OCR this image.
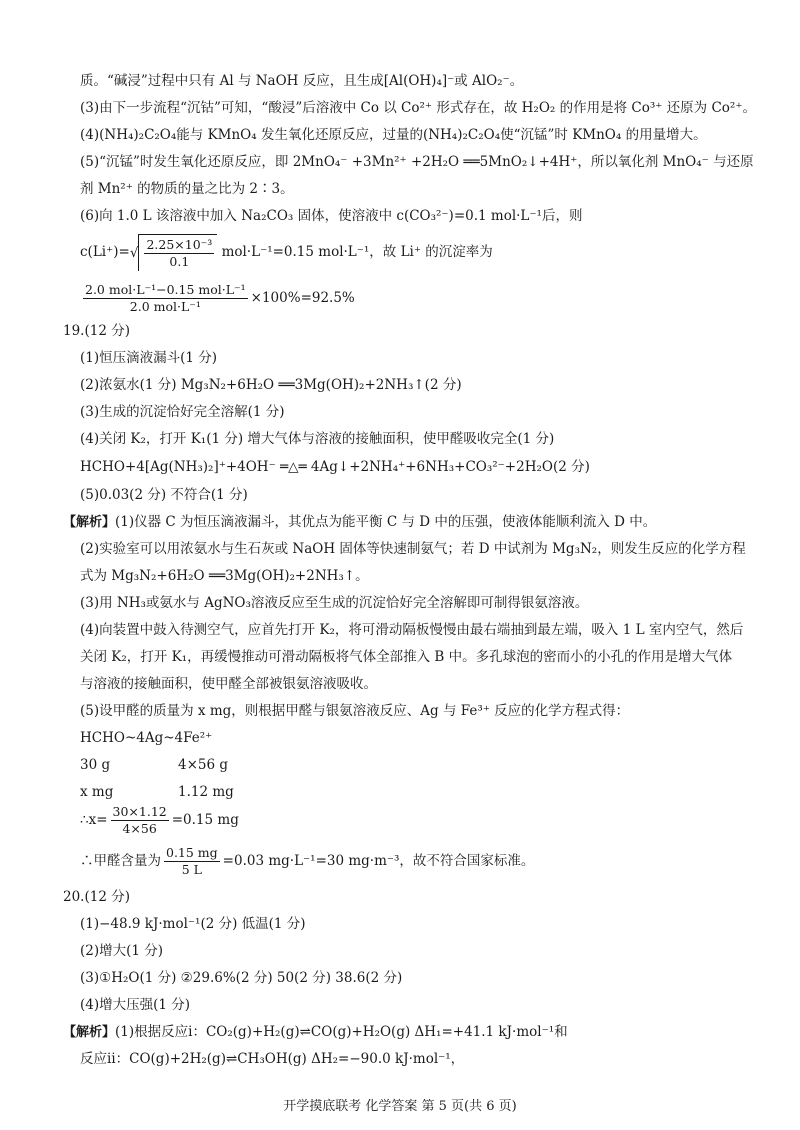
质。“碱浸”过程中只有 Al 与 NaOH 反应，且生成[Al(OH)₄]⁻或 AlO₂⁻。
(3)由下一步流程“沉钴”可知，“酸浸”后溶液中 Co 以 Co²⁺ 形式存在，故 H₂O₂ 的作用是将 Co³⁺ 还原为 Co²⁺。
(4)(NH₄)₂C₂O₄能与 KMnO₄ 发生氧化还原反应，过量的(NH₄)₂C₂O₄使“沉锰”时 KMnO₄ 的用量增大。
(5)“沉锰”时发生氧化还原反应，即 2MnO₄⁻ +3Mn²⁺ +2H₂O ══5MnO₂↓+4H⁺，所以氧化剂 MnO₄⁻ 与还原
剂 Mn²⁺ 的物质的量之比为 2∶3。
(6)向 1.0 L 该溶液中加入 Na₂CO₃ 固体，使溶液中 c(CO₃²⁻)=0.1 mol·L⁻¹后，则
$c(Li^+)=√ \frac{\text{2.25×10⁻³}}{0.1} mol\cdot L^{-1}=0.15$ mol·L⁻¹，故 Li⁺ 的沉淀率为
$\frac{\text{2.0 mol·L⁻¹−0.15 mol·L⁻¹}}{\text{2.0 mol·L⁻¹}} \times 100\%=92.5\%$
19.(12 分)
(1)恒压滴液漏斗(1 分)
(2)浓氨水(1 分) Mg₃N₂+6H₂O ══3Mg(OH)₂+2NH₃↑(2 分)
(3)生成的沉淀恰好完全溶解(1 分)
(4)关闭 K₂，打开 K₁(1 分) 增大气体与溶液的接触面积，使甲醛吸收完全(1 分)
HCHO+4[Ag(NH₃)₂]⁺+4OH⁻ ═△═ 4Ag↓+2NH₄⁺+6NH₃+CO₃²⁻+2H₂O(2 分)
(5)0.03(2 分) 不符合(1 分)
【解析】(1)仪器 C 为恒压滴液漏斗，其优点为能平衡 C 与 D 中的压强，使液体能顺利流入 D 中。
(2)实验室可以用浓氨水与生石灰或 NaOH 固体等快速制氨气；若 D 中试剂为 Mg₃N₂，则发生反应的化学方程
式为 Mg₃N₂+6H₂O ══3Mg(OH)₂+2NH₃↑。
(3)用 NH₃或氨水与 AgNO₃溶液反应至生成的沉淀恰好完全溶解即可制得银氨溶液。
(4)向装置中鼓入待测空气，应首先打开 K₂，将可滑动隔板慢慢由最右端抽到最左端，吸入 1 L 室内空气，然后
关闭 K₂，打开 K₁，再缓慢推动可滑动隔板将气体全部推入 B 中。多孔球泡的密而小的小孔的作用是增大气体
与溶液的接触面积，使甲醛全部被银氨溶液吸收。
(5)设甲醛的质量为 x mg，则根据甲醛与银氨溶液反应、Ag 与 Fe³⁺ 反应的化学方程式得：
HCHO~4Ag~4Fe²⁺
30 g	4×56 g
x mg	1.12 mg
∴x= $\frac{30\times 1.12}{4\times 56} =0.15$ mg
∴甲醛含量为 $\frac{0.15 mg}{5 L} =0.03$ mg·L⁻¹=30 mg·m⁻³，故不符合国家标准。
20.(12 分)
(1)−48.9 kJ·mol⁻¹(2 分) 低温(1 分)
(2)增大(1 分)
(3)①H₂O(1 分) ②29.6%(2 分) 50(2 分) 38.6(2 分)
(4)增大压强(1 分)
【解析】(1)根据反应ⅰ：CO₂(g)+H₂(g)⇌CO(g)+H₂O(g) ΔH₁=+41.1 kJ·mol⁻¹和
反应ⅱ：CO(g)+2H₂(g)⇌CH₃OH(g) ΔH₂=−90.0 kJ·mol⁻¹，
开学摸底联考 化学答案 第 5 页(共 6 页)
